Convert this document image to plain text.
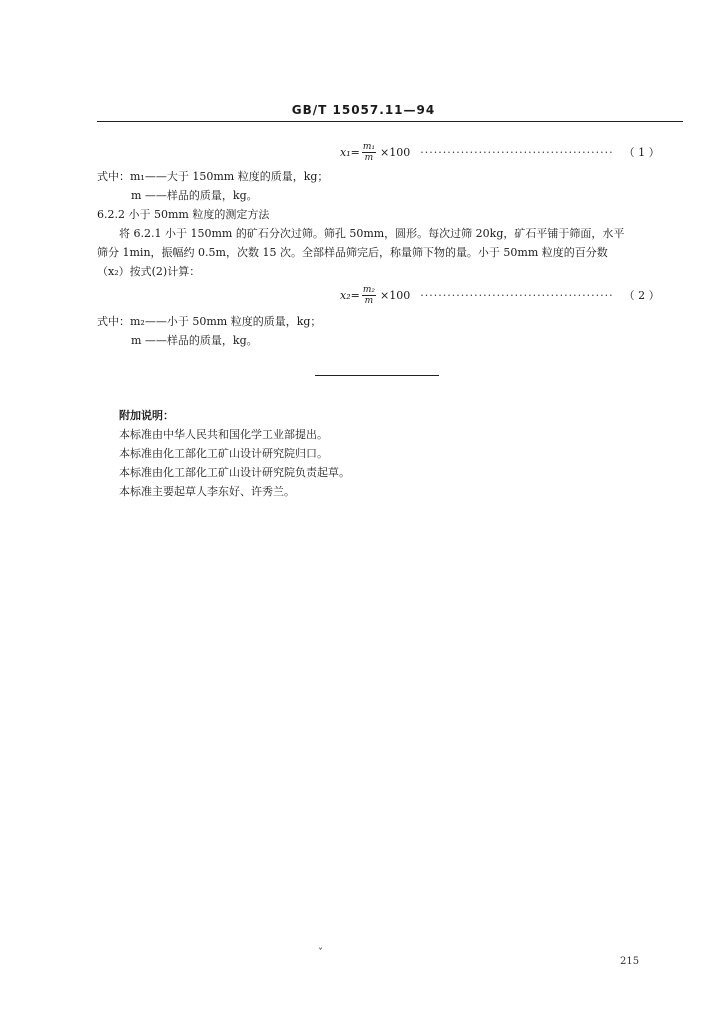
GB/T 15057.11—94
$x_1= \frac{\text{m₁}}{m} \times 100$ ··········································· （ 1 ）
式中：m₁——大于 150mm 粒度的质量，kg；
m ——样品的质量，kg。
6.2.2 小于 50mm 粒度的测定方法
将 6.2.1 小于 150mm 的矿石分次过筛。筛孔 50mm，圆形。每次过筛 20kg，矿石平铺于筛面，水平
筛分 1min，振幅约 0.5m，次数 15 次。全部样品筛完后，称量筛下物的量。小于 50mm 粒度的百分数
（x₂）按式(2)计算：
$x_2= \frac{\text{m₂}}{m} \times 100$ ··········································· （ 2 ）
式中：m₂——小于 50mm 粒度的质量，kg；
m ——样品的质量，kg。
附加说明：
本标准由中华人民共和国化学工业部提出。
本标准由化工部化工矿山设计研究院归口。
本标准由化工部化工矿山设计研究院负责起草。
本标准主要起草人李东好、许秀兰。
ˇ
215
